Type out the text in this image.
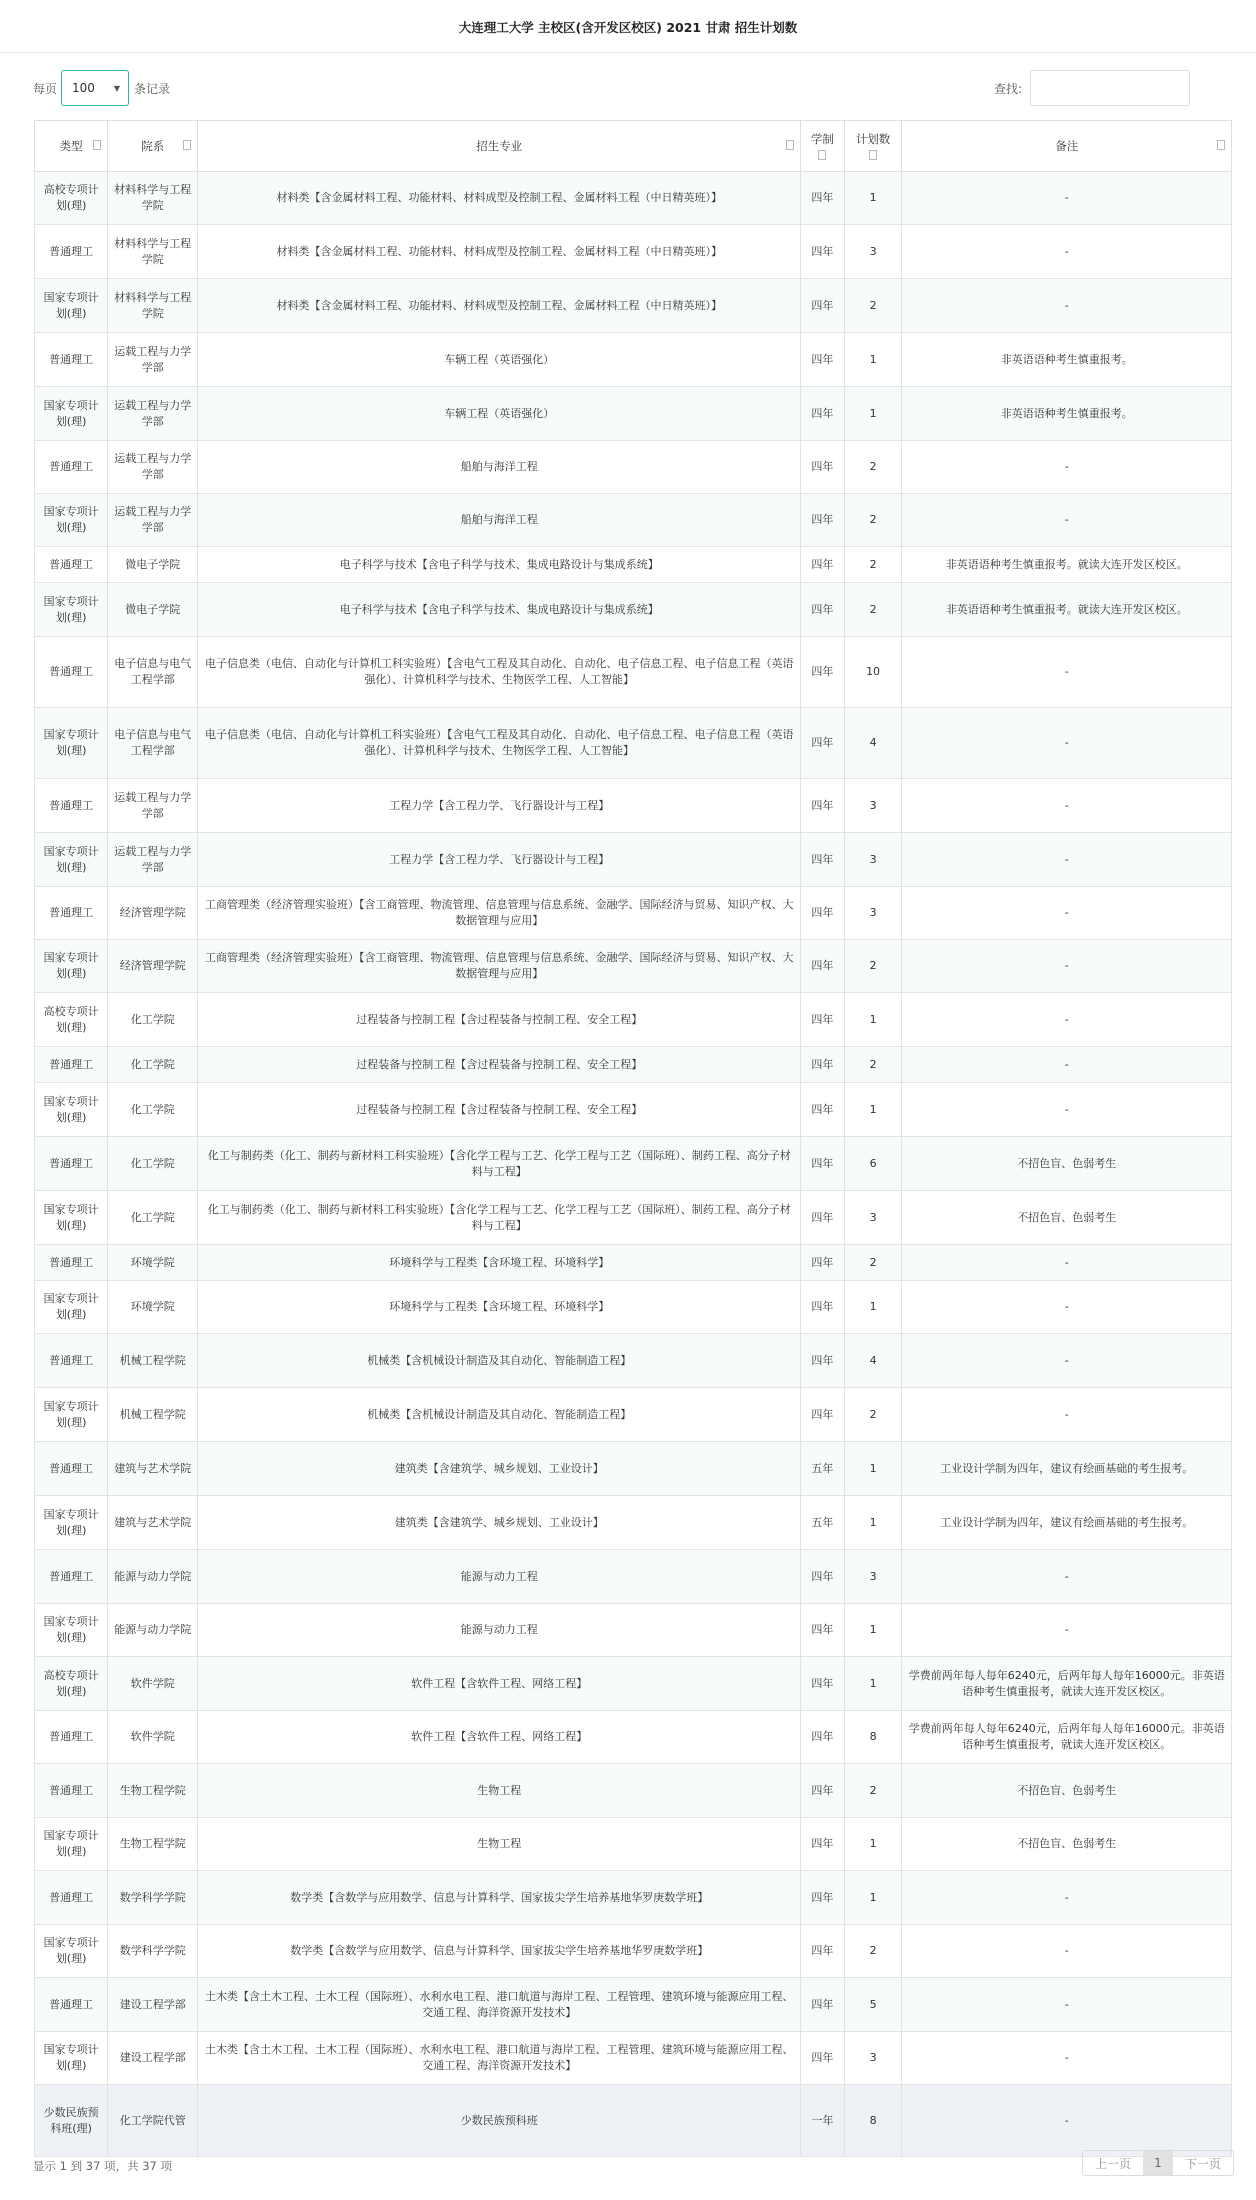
大连理工大学 主校区(含开发区校区) 2021 甘肃 招生计划数
每页 100 ▼ 条记录	查找:
类型	院系	招生专业	学制	计划数	备注

高校专项计划(理)	材料科学与工程学院	材料类【含金属材料工程、功能材料、材料成型及控制工程、金属材料工程（中日精英班）】	四年	1	-
普通理工	材料科学与工程学院	材料类【含金属材料工程、功能材料、材料成型及控制工程、金属材料工程（中日精英班）】	四年	3	-
国家专项计划(理)	材料科学与工程学院	材料类【含金属材料工程、功能材料、材料成型及控制工程、金属材料工程（中日精英班）】	四年	2	-
普通理工	运载工程与力学学部	车辆工程（英语强化）	四年	1	非英语语种考生慎重报考。
国家专项计划(理)	运载工程与力学学部	车辆工程（英语强化）	四年	1	非英语语种考生慎重报考。
普通理工	运载工程与力学学部	船舶与海洋工程	四年	2	-
国家专项计划(理)	运载工程与力学学部	船舶与海洋工程	四年	2	-
普通理工	微电子学院	电子科学与技术【含电子科学与技术、集成电路设计与集成系统】	四年	2	非英语语种考生慎重报考。就读大连开发区校区。
国家专项计划(理)	微电子学院	电子科学与技术【含电子科学与技术、集成电路设计与集成系统】	四年	2	非英语语种考生慎重报考。就读大连开发区校区。
普通理工	电子信息与电气工程学部	电子信息类（电信、自动化与计算机工科实验班）【含电气工程及其自动化、自动化、电子信息工程、电子信息工程（英语强化）、计算机科学与技术、生物医学工程、人工智能】	四年	10	-
国家专项计划(理)	电子信息与电气工程学部	电子信息类（电信、自动化与计算机工科实验班）【含电气工程及其自动化、自动化、电子信息工程、电子信息工程（英语强化）、计算机科学与技术、生物医学工程、人工智能】	四年	4	-
普通理工	运载工程与力学学部	工程力学【含工程力学、飞行器设计与工程】	四年	3	-
国家专项计划(理)	运载工程与力学学部	工程力学【含工程力学、飞行器设计与工程】	四年	3	-
普通理工	经济管理学院	工商管理类（经济管理实验班）【含工商管理、物流管理、信息管理与信息系统、金融学、国际经济与贸易、知识产权、大数据管理与应用】	四年	3	-
国家专项计划(理)	经济管理学院	工商管理类（经济管理实验班）【含工商管理、物流管理、信息管理与信息系统、金融学、国际经济与贸易、知识产权、大数据管理与应用】	四年	2	-
高校专项计划(理)	化工学院	过程装备与控制工程【含过程装备与控制工程、安全工程】	四年	1	-
普通理工	化工学院	过程装备与控制工程【含过程装备与控制工程、安全工程】	四年	2	-
国家专项计划(理)	化工学院	过程装备与控制工程【含过程装备与控制工程、安全工程】	四年	1	-
普通理工	化工学院	化工与制药类（化工、制药与新材料工科实验班）【含化学工程与工艺、化学工程与工艺（国际班）、制药工程、高分子材料与工程】	四年	6	不招色盲、色弱考生
国家专项计划(理)	化工学院	化工与制药类（化工、制药与新材料工科实验班）【含化学工程与工艺、化学工程与工艺（国际班）、制药工程、高分子材料与工程】	四年	3	不招色盲、色弱考生
普通理工	环境学院	环境科学与工程类【含环境工程、环境科学】	四年	2	-
国家专项计划(理)	环境学院	环境科学与工程类【含环境工程、环境科学】	四年	1	-
普通理工	机械工程学院	机械类【含机械设计制造及其自动化、智能制造工程】	四年	4	-
国家专项计划(理)	机械工程学院	机械类【含机械设计制造及其自动化、智能制造工程】	四年	2	-
普通理工	建筑与艺术学院	建筑类【含建筑学、城乡规划、工业设计】	五年	1	工业设计学制为四年，建议有绘画基础的考生报考。
国家专项计划(理)	建筑与艺术学院	建筑类【含建筑学、城乡规划、工业设计】	五年	1	工业设计学制为四年，建议有绘画基础的考生报考。
普通理工	能源与动力学院	能源与动力工程	四年	3	-
国家专项计划(理)	能源与动力学院	能源与动力工程	四年	1	-
高校专项计划(理)	软件学院	软件工程【含软件工程、网络工程】	四年	1	学费前两年每人每年6240元，后两年每人每年16000元。非英语语种考生慎重报考，就读大连开发区校区。
普通理工	软件学院	软件工程【含软件工程、网络工程】	四年	8	学费前两年每人每年6240元，后两年每人每年16000元。非英语语种考生慎重报考，就读大连开发区校区。
普通理工	生物工程学院	生物工程	四年	2	不招色盲、色弱考生
国家专项计划(理)	生物工程学院	生物工程	四年	1	不招色盲、色弱考生
普通理工	数学科学学院	数学类【含数学与应用数学、信息与计算科学、国家拔尖学生培养基地华罗庚数学班】	四年	1	-
国家专项计划(理)	数学科学学院	数学类【含数学与应用数学、信息与计算科学、国家拔尖学生培养基地华罗庚数学班】	四年	2	-
普通理工	建设工程学部	土木类【含土木工程、土木工程（国际班）、水利水电工程、港口航道与海岸工程、工程管理、建筑环境与能源应用工程、交通工程、海洋资源开发技术】	四年	5	-
国家专项计划(理)	建设工程学部	土木类【含土木工程、土木工程（国际班）、水利水电工程、港口航道与海岸工程、工程管理、建筑环境与能源应用工程、交通工程、海洋资源开发技术】	四年	3	-
少数民族预科班(理)	化工学院代管	少数民族预科班	一年	8	-
显示 1 到 37 项，共 37 项	上一页	1	下一页
